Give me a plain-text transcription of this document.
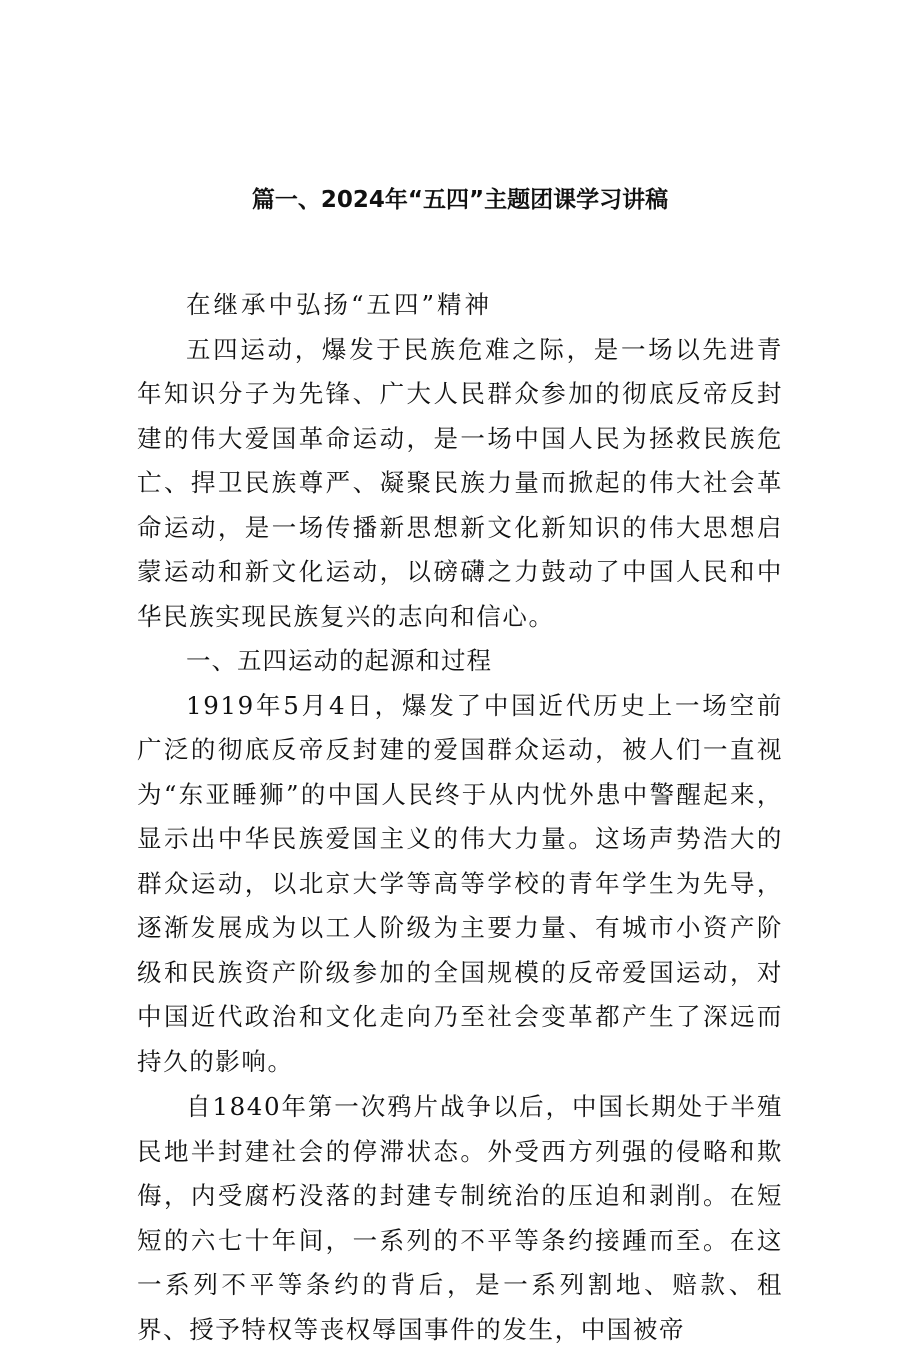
篇一、2024年“五四”主题团课学习讲稿

在继承中弘扬“五四”精神

五四运动，爆发于民族危难之际，是一场以先进青年知识分子为先锋、广大人民群众参加的彻底反帝反封建的伟大爱国革命运动，是一场中国人民为拯救民族危亡、捍卫民族尊严、凝聚民族力量而掀起的伟大社会革命运动，是一场传播新思想新文化新知识的伟大思想启蒙运动和新文化运动，以磅礴之力鼓动了中国人民和中华民族实现民族复兴的志向和信心。

一、五四运动的起源和过程

1919年5月4日，爆发了中国近代历史上一场空前广泛的彻底反帝反封建的爱国群众运动，被人们一直视为“东亚睡狮”的中国人民终于从内忧外患中警醒起来，显示出中华民族爱国主义的伟大力量。这场声势浩大的群众运动，以北京大学等高等学校的青年学生为先导，逐渐发展成为以工人阶级为主要力量、有城市小资产阶级和民族资产阶级参加的全国规模的反帝爱国运动，对中国近代政治和文化走向乃至社会变革都产生了深远而持久的影响。

自1840年第一次鸦片战争以后，中国长期处于半殖民地半封建社会的停滞状态。外受西方列强的侵略和欺侮，内受腐朽没落的封建专制统治的压迫和剥削。在短短的六七十年间，一系列的不平等条约接踵而至。在这一系列不平等条约的背后，是一系列割地、赔款、租界、授予特权等丧权辱国事件的发生，中国被帝
